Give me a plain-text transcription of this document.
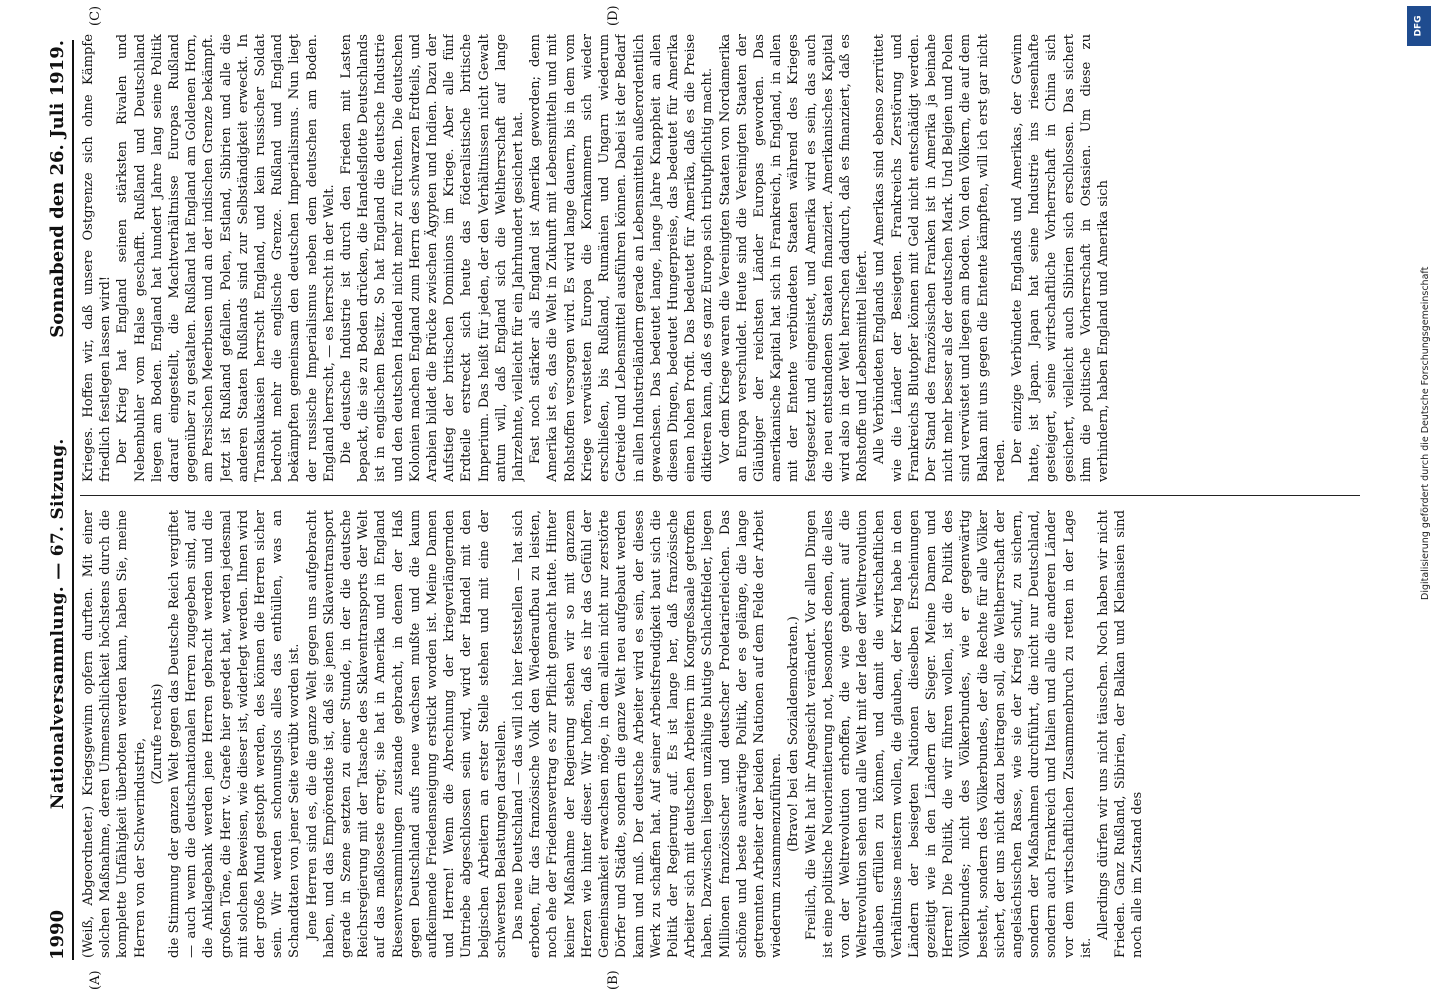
1990
Nationalversammlung. — 67. Sitzung.
Sonnabend den 26. Juli 1919.
(A)	(B)
(C)	(D)

(Weiß, Abgeordneter.) Kriegsgewinn opfern durften. Mit einer solchen Maßnahme, deren Unmenschlichkeit höchstens durch die komplette Unfähigkeit überboten werden kann, haben Sie, meine Herren von der Schwerindustrie,

(Zurufe rechts) die Stimmung der ganzen Welt gegen das Deutsche Reich vergiftet — auch wenn die deutschnationalen Herren zugegeben sind, auf die Anklagebank werden jene Herren gebracht werden und die großen Töne, die Herr v. Graefe hier geredet hat, werden jedesmal mit solchen Beweisen, wie dieser ist, widerlegt werden. Ihnen wird der große Mund gestopft werden, des können die Herren sicher sein. Wir werden schonungslos alles das enthüllen, was an Schandtaten von jener Seite verübt worden ist. Jene Herren sind es, die die ganze Welt gegen uns aufgebracht haben, und das Empörendste ist, daß sie jenen Sklaventransport gerade in Szene setzten zu einer Stunde, in der die deutsche Reichsregierung mit der Tatsache des Sklaventransports der Welt auf das maßloseste erregt; sie hat in Amerika und in England Riesenversammlungen zustande gebracht, in denen der Haß gegen Deutschland aufs neue wachsen mußte und die kaum aufkeimende Friedensneigung erstickt worden ist. Meine Damen und Herren! Wenn die Abrechnung der kriegverlängernden Umtriebe abgeschlossen sein wird, wird der Handel mit den belgischen Arbeitern an erster Stelle stehen und mit eine der schwersten Belastungen darstellen. Das neue Deutschland — das will ich hier feststellen — hat sich erboten, für das französische Volk den Wiederaufbau zu leisten, noch ehe der Friedensvertrag es zur Pflicht gemacht hatte. Hinter keiner Maßnahme der Regierung stehen wir so mit ganzem Herzen wie hinter dieser. Wir hoffen, daß es ihr das Gefühl der Gemeinsamkeit erwachsen möge, in dem allein nicht nur zerstörte Dörfer und Städte, sondern die ganze Welt neu aufgebaut werden kann und muß. Der deutsche Arbeiter wird es sein, der dieses Werk zu schaffen hat. Auf seiner Arbeitsfreudigkeit baut sich die Politik der Regierung auf. Es ist lange her, daß französische Arbeiter sich mit deutschen Arbeitern im Kongreßsaale getroffen haben. Dazwischen liegen unzählige blutige Schlachtfelder, liegen Millionen französischer und deutscher Proletarierleichen. Das schöne und beste auswärtige Politik, der es gelänge, die lange getrennten Arbeiter der beiden Nationen auf dem Felde der Arbeit wiederum zusammenzuführen.

(Bravo! bei den Sozialdemokraten.) Freilich, die Welt hat ihr Angesicht verändert. Vor allen Dingen ist eine politische Neuorientierung not, besonders denen, die alles von der Weltrevolution erhoffen, die wie gebannt auf die Weltrevolution sehen und alle Welt mit der Idee der Weltrevolution glauben erfüllen zu können, und damit die wirtschaftlichen Verhältnisse meistern wollen, die glauben, der Krieg habe in den Ländern der besiegten Nationen dieselben Erscheinungen gezeitigt wie in den Ländern der Sieger. Meine Damen und Herren! Die Politik, die wir führen wollen, ist die Politik des Völkerbundes; nicht des Völkerbundes, wie er gegenwärtig besteht, sondern des Völkerbundes, der die Rechte für alle Völker sichert, der uns nicht dazu beitragen soll, die Weltherrschaft der angelsächsischen Rasse, wie sie der Krieg schuf, zu sichern, sondern der Maßnahmen durchführt, die nicht nur Deutschland, sondern auch Frankreich und Italien und alle die anderen Länder vor dem wirtschaftlichen Zusammenbruch zu retten in der Lage ist.

Allerdings dürfen wir uns nicht täuschen. Noch haben wir nicht Frieden. Ganz Rußland, Sibirien, der Balkan und Kleinasien sind noch alle im Zustand des

Krieges. Hoffen wir, daß unsere Ostgrenze sich ohne Kämpfe friedlich festlegen lassen wird! Der Krieg hat England seinen stärksten Rivalen und Nebenbuhler vom Halse geschafft. Rußland und Deutschland liegen am Boden. England hat hundert Jahre lang seine Politik darauf eingestellt, die Machtverhältnisse Europas Rußland gegenüber zu gestalten. Rußland hat England am Goldenen Horn, am Persischen Meerbusen und an der indischen Grenze bekämpft. Jetzt ist Rußland gefallen. Polen, Estland, Sibirien und alle die anderen Staaten Rußlands sind zur Selbständigkeit erweckt. In Transkaukasien herrscht England, und kein russischer Soldat bedroht mehr die englische Grenze. Rußland und England bekämpften gemeinsam den deutschen Imperialismus. Nun liegt der russische Imperialismus neben dem deutschen am Boden. England herrscht, — es herrscht in der Welt. Die deutsche Industrie ist durch den Frieden mit Lasten bepackt, die sie zu Boden drücken, die Handelsflotte Deutschlands ist in englischem Besitz. So hat England die deutsche Industrie und den deutschen Handel nicht mehr zu fürchten. Die deutschen Kolonien machen England zum Herrn des schwarzen Erdteils, und Arabien bildet die Brücke zwischen Ägypten und Indien. Dazu der Aufstieg der britischen Dominions im Kriege. Aber alle fünf Erdteile erstreckt sich heute das föderalistische britische Imperium. Das heißt für jeden, der den Verhältnissen nicht Gewalt antun will, daß England sich die Weltherrschaft auf lange Jahrzehnte, vielleicht für ein Jahrhundert gesichert hat. Fast noch stärker als England ist Amerika geworden; denn Amerika ist es, das die Welt in Zukunft mit Lebensmitteln und mit Rohstoffen versorgen wird. Es wird lange dauern, bis in dem vom Kriege verwüsteten Europa die Kornkammern sich wieder erschließen, bis Rußland, Rumänien und Ungarn wiederum Getreide und Lebensmittel ausführen können. Dabei ist der Bedarf in allen Industrieländern gerade an Lebensmitteln außerordentlich gewachsen. Das bedeutet lange, lange Jahre Knappheit an allen diesen Dingen, bedeutet Hungerpreise, das bedeutet für Amerika einen hohen Profit. Das bedeutet für Amerika, daß es die Preise diktieren kann, daß es ganz Europa sich tributpflichtig macht. Vor dem Kriege waren die Vereinigten Staaten von Nordamerika an Europa verschuldet. Heute sind die Vereinigten Staaten der Gläubiger der reichsten Länder Europas geworden. Das amerikanische Kapital hat sich in Frankreich, in England, in allen mit der Entente verbündeten Staaten während des Krieges festgesetzt und eingenistet, und Amerika wird es sein, das auch die neu entstandenen Staaten finanziert. Amerikanisches Kapital wird also in der Welt herrschen dadurch, daß es finanziert, daß es Rohstoffe und Lebensmittel liefert. Alle Verbündeten Englands und Amerikas sind ebenso zerrüttet wie die Länder der Besiegten. Frankreichs Zerstörung und Frankreichs Blutopfer können mit Geld nicht entschädigt werden. Der Stand des französischen Franken ist in Amerika ja beinahe nicht mehr besser als der deutschen Mark. Und Belgien und Polen sind verwüstet und liegen am Boden. Von den Völkern, die auf dem Balkan mit uns gegen die Entente kämpften, will ich erst gar nicht reden. Der einzige Verbündete Englands und Amerikas, der Gewinn hatte, ist Japan. Japan hat seine Industrie ins riesenhafte gesteigert, seine wirtschaftliche Vorherrschaft in China sich gesichert, vielleicht auch Sibirien sich erschlossen. Das sichert ihm die politische Vorherrschaft in Ostasien. Um diese zu verhindern, haben England und Amerika sich

DFG
Digitalisierung gefördert durch die Deutsche Forschungsgemeinschaft
